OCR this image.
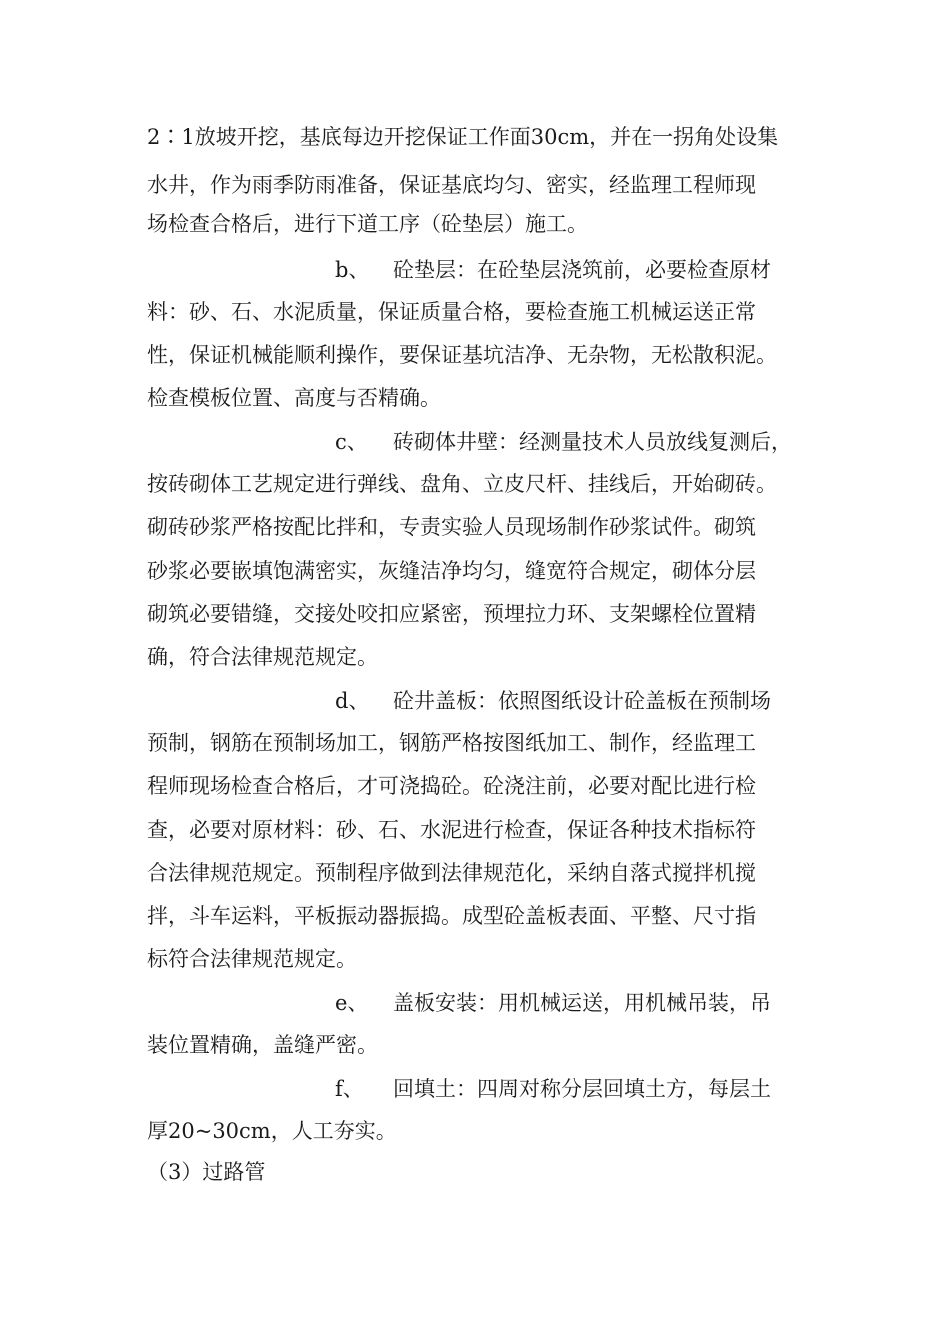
2∶1放坡开挖，基底每边开挖保证工作面30cm，并在一拐角处设集
水井，作为雨季防雨准备，保证基底均匀、密实，经监理工程师现
场检查合格后，进行下道工序（砼垫层）施工。
b、 砼垫层：在砼垫层浇筑前，必要检查原材
料：砂、石、水泥质量，保证质量合格，要检查施工机械运送正常
性，保证机械能顺利操作，要保证基坑洁净、无杂物，无松散积泥。
检查模板位置、高度与否精确。
c、 砖砌体井壁：经测量技术人员放线复测后，
按砖砌体工艺规定进行弹线、盘角、立皮尺杆、挂线后，开始砌砖。
砌砖砂浆严格按配比拌和，专责实验人员现场制作砂浆试件。砌筑
砂浆必要嵌填饱满密实，灰缝洁净均匀，缝宽符合规定，砌体分层
砌筑必要错缝，交接处咬扣应紧密，预埋拉力环、支架螺栓位置精
确，符合法律规范规定。
d、 砼井盖板：依照图纸设计砼盖板在预制场
预制，钢筋在预制场加工，钢筋严格按图纸加工、制作，经监理工
程师现场检查合格后，才可浇捣砼。砼浇注前，必要对配比进行检
查，必要对原材料：砂、石、水泥进行检查，保证各种技术指标符
合法律规范规定。预制程序做到法律规范化，采纳自落式搅拌机搅
拌，斗车运料，平板振动器振捣。成型砼盖板表面、平整、尺寸指
标符合法律规范规定。
e、 盖板安装：用机械运送，用机械吊装，吊
装位置精确，盖缝严密。
f、 回填土：四周对称分层回填土方，每层土
厚20~30cm，人工夯实。
（3）过路管
